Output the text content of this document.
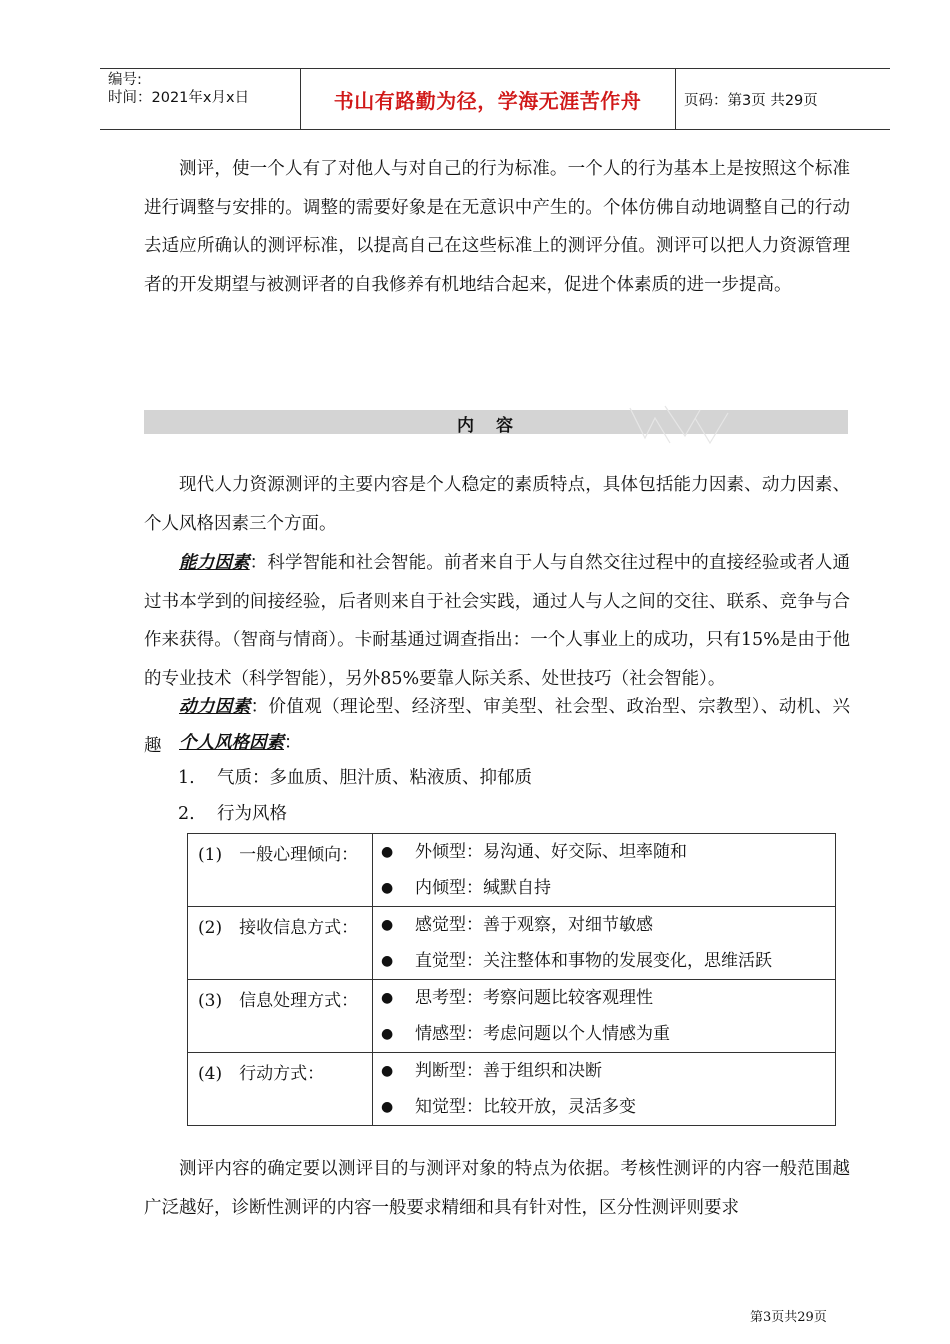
编号:
时间：2021年x月x日	书山有路勤为径，学海无涯苦作舟	页码：第3页 共29页
测评，使一个人有了对他人与对自己的行为标准。一个人的行为基本上是按照这个标准进行调整与安排的。调整的需要好象是在无意识中产生的。个体仿佛自动地调整自己的行动去适应所确认的测评标准，以提高自己在这些标准上的测评分值。测评可以把人力资源管理者的开发期望与被测评者的自我修养有机地结合起来，促进个体素质的进一步提高。
内容
现代人力资源测评的主要内容是个人稳定的素质特点，具体包括能力因素、动力因素、个人风格因素三个方面。
能力因素：科学智能和社会智能。前者来自于人与自然交往过程中的直接经验或者人通过书本学到的间接经验，后者则来自于社会实践，通过人与人之间的交往、联系、竞争与合作来获得。（智商与情商）。卡耐基通过调查指出：一个人事业上的成功，只有15%是由于他的专业技术（科学智能），另外85%要靠人际关系、处世技巧（社会智能）。
动力因素：价值观（理论型、经济型、审美型、社会型、政治型、宗教型）、动机、兴趣	个人风格因素：
1. 气质：多血质、胆汁质、粘液质、抑郁质
2. 行为风格
(1)　一般心理倾向：	● 外倾型：易沟通、好交际、坦率随和
● 内倾型：缄默自持

(2)　接收信息方式：	● 感觉型：善于观察，对细节敏感
● 直觉型：关注整体和事物的发展变化，思维活跃

(3)　信息处理方式：	● 思考型：考察问题比较客观理性
● 情感型：考虑问题以个人情感为重

(4)　行动方式：	● 判断型：善于组织和决断
● 知觉型：比较开放，灵活多变
测评内容的确定要以测评目的与测评对象的特点为依据。考核性测评的内容一般范围越广泛越好，诊断性测评的内容一般要求精细和具有针对性，区分性测评则要求
第3页共29页
